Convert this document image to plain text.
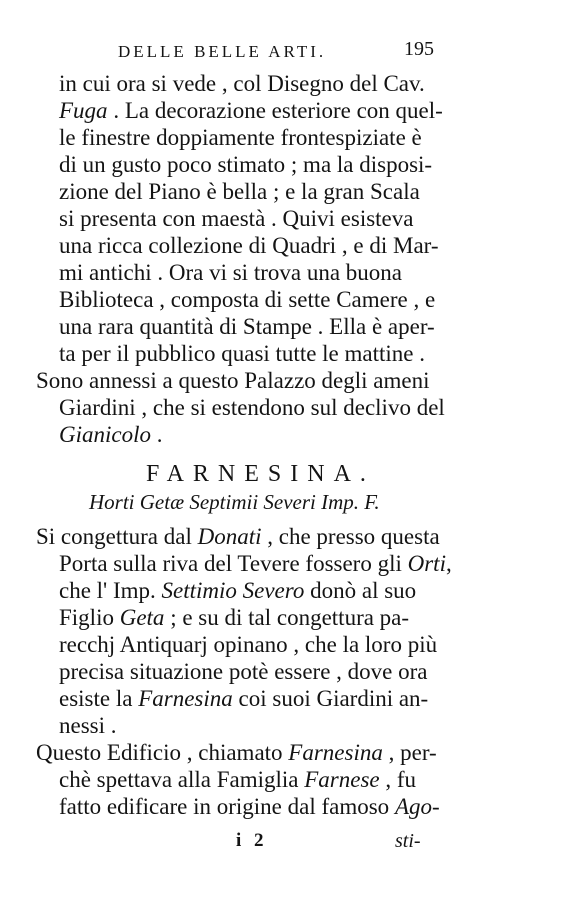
DELLE BELLE ARTI.	195
in cui ora si vede , col Disegno del Cav.
Fuga . La decorazione esteriore con quel-
le finestre doppiamente frontespiziate è
di un gusto poco stimato ; ma la disposi-
zione del Piano è bella ; e la gran Scala
si presenta con maestà . Quivi esisteva
una ricca collezione di Quadri , e di Mar-
mi antichi . Ora vi si trova una buona
Biblioteca , composta di sette Camere , e
una rara quantità di Stampe . Ella è aper-
ta per il pubblico quasi tutte le mattine .
Sono annessi a questo Palazzo degli ameni
Giardini , che si estendono sul declivo del
Gianicolo .
FARNESINA.
Horti Getæ Septimii Severi Imp. F.
Si congettura dal Donati , che presso questa
Porta sulla riva del Tevere fossero gli Orti,
che l' Imp. Settimio Severo donò al suo
Figlio Geta ; e su di tal congettura pa-
recchj Antiquarj opinano , che la loro più
precisa situazione potè essere , dove ora
esiste la Farnesina coi suoi Giardini an-
nessi .
Questo Edificio , chiamato Farnesina , per-
chè spettava alla Famiglia Farnese , fu
fatto edificare in origine dal famoso Ago-
i 2	sti-
